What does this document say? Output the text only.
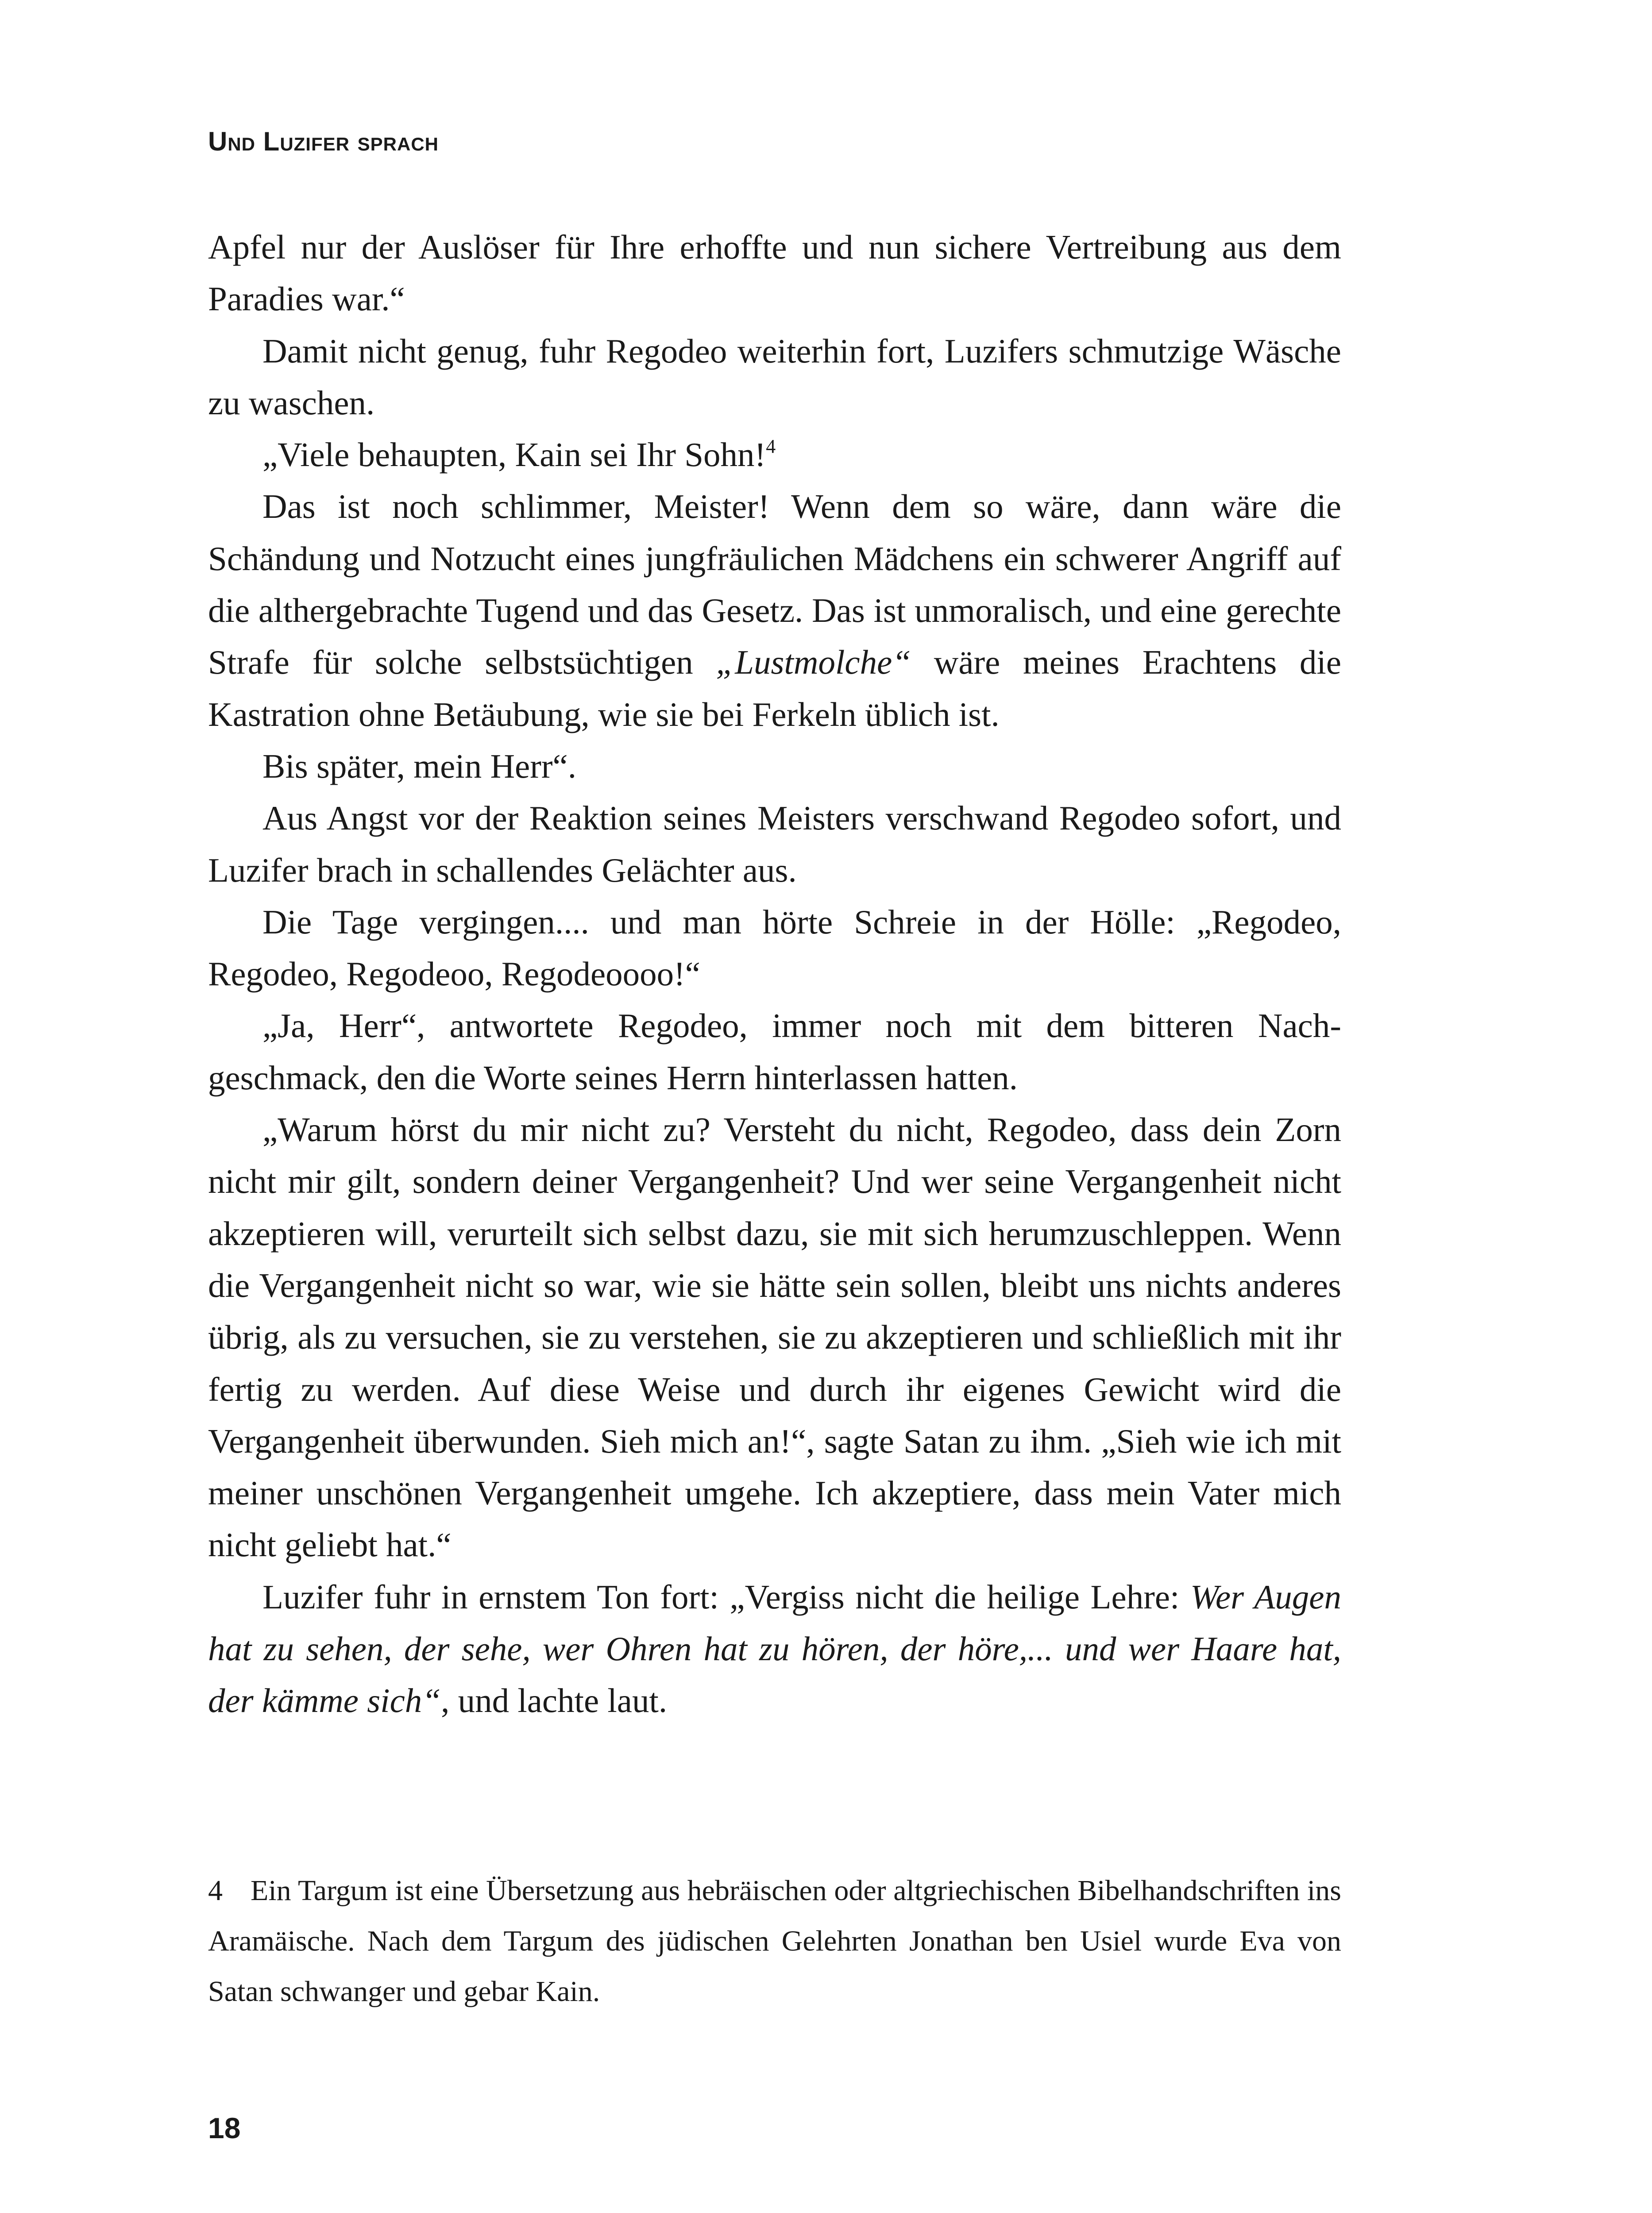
Und Luzifer sprach

Apfel nur der Auslöser für Ihre erhoffte und nun sichere Vertreibung aus dem Paradies war.“

Damit nicht genug, fuhr Regodeo weiterhin fort, Luzifers schmutzige Wäsche zu waschen.

„Viele behaupten, Kain sei Ihr Sohn!$^4$

Das ist noch schlimmer, Meister! Wenn dem so wäre, dann wäre die Schändung und Notzucht eines jungfräulichen Mädchens ein schwerer Angriff auf die althergebrachte Tugend und das Gesetz. Das ist unmoralisch, und eine gerechte Strafe für solche selbstsüchtigen „Lustmolche“ wäre meines Erachtens die Kastration ohne Betäubung, wie sie bei Ferkeln üblich ist.

Bis später, mein Herr“.

Aus Angst vor der Reaktion seines Meisters verschwand Regodeo sofort, und Luzifer brach in schallendes Gelächter aus.

Die Tage vergingen.... und man hörte Schreie in der Hölle: „Regodeo, Regodeo, Regodeoo, Regodeoooo!“

„Ja, Herr“, antwortete Regodeo, immer noch mit dem bitteren Nachgeschmack, den die Worte seines Herrn hinterlassen hatten.

„Warum hörst du mir nicht zu? Versteht du nicht, Regodeo, dass dein Zorn nicht mir gilt, sondern deiner Vergangenheit? Und wer seine Vergangenheit nicht akzeptieren will, verurteilt sich selbst dazu, sie mit sich herumzuschleppen. Wenn die Vergangenheit nicht so war, wie sie hätte sein sollen, bleibt uns nichts anderes übrig, als zu versuchen, sie zu verstehen, sie zu akzeptieren und schließlich mit ihr fertig zu werden. Auf diese Weise und durch ihr eigenes Gewicht wird die Vergangenheit überwunden. Sieh mich an!“, sagte Satan zu ihm. „Sieh wie ich mit meiner unschönen Vergangenheit umgehe. Ich akzeptiere, dass mein Vater mich nicht geliebt hat.“

Luzifer fuhr in ernstem Ton fort: „Vergiss nicht die heilige Lehre: Wer Augen hat zu sehen, der sehe, wer Ohren hat zu hören, der höre,... und wer Haare hat, der kämme sich“, und lachte laut.

4 Ein Targum ist eine Übersetzung aus hebräischen oder altgriechischen Bibelhandschriften ins Aramäische. Nach dem Targum des jüdischen Gelehrten Jonathan ben Usiel wurde Eva von Satan schwanger und gebar Kain.
18
